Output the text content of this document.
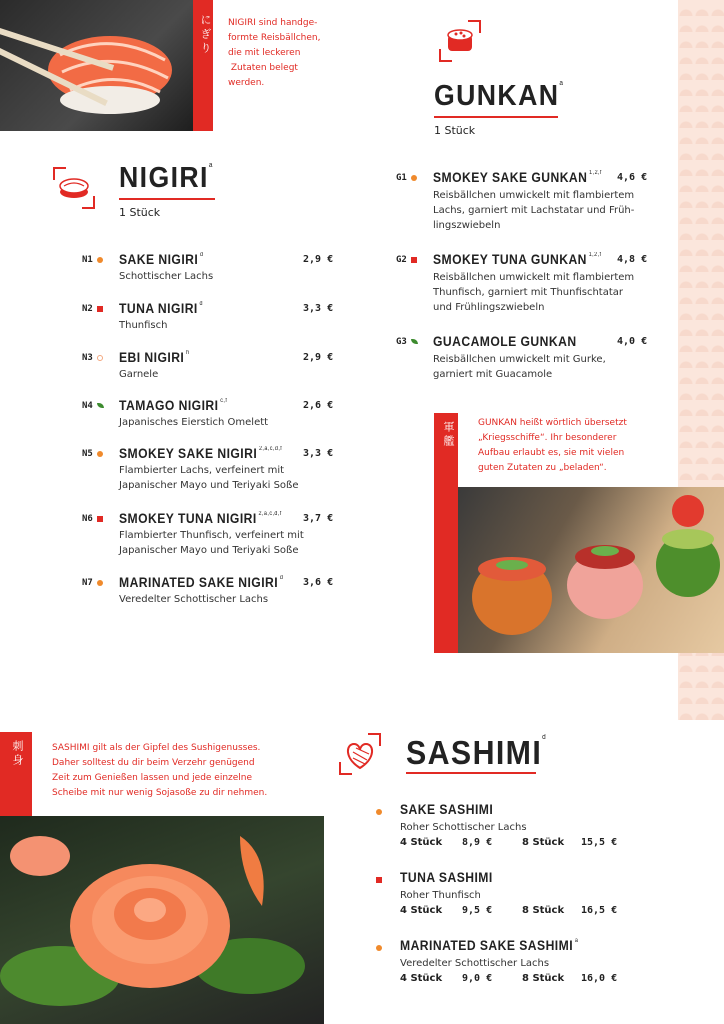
にぎり NIGIRI sind handge-
formte Reisbällchen,
die mit leckeren
Zutaten belegt
werden.
NIGIRI$^a$
1 Stück
GUNKAN$^a$
1 Stück
軍艦	GUNKAN heißt wörtlich übersetzt
„Kriegsschiffe“. Ihr besonderer
Aufbau erlaubt es, sie mit vielen
guten Zutaten zu „beladen“.
刺身	SASHIMI gilt als der Gipfel des Sushigenusses.
Daher solltest du dir beim Verzehr genügend
Zeit zum Genießen lassen und jede einzelne
Scheibe mit nur wenig Sojasoße zu dir nehmen.
SASHIMI$^d$
N1	SAKE NIGIRI $^d$
Schottischer Lachs
2,9 €
N2	TUNA NIGIRI $^d$
Thunfisch
3,3 €
N3	EBI NIGIRI $^h$
Garnele
2,9 €
N4	TAMAGO NIGIRI $^{c,f}$
Japanisches Eierstich Omelett
2,6 €
N5	SMOKEY SAKE NIGIRI $^{2,a,c,d,f}$
Flambierter Lachs, verfeinert mit
Japanischer Mayo und Teriyaki Soße
3,3 €
N6	SMOKEY TUNA NIGIRI $^{2,a,c,d,f}$
Flambierter Thunfisch, verfeinert mit
Japanischer Mayo und Teriyaki Soße
3,7 €
N7	MARINATED SAKE NIGIRI $^d$
Veredelter Schottischer Lachs
3,6 €
G1	SMOKEY SAKE GUNKAN $^{1,2,f}$
Reisbällchen umwickelt mit flambiertem
Lachs, garniert mit Lachstatar und Früh-
lingszwiebeln
4,6 €
G2	SMOKEY TUNA GUNKAN $^{1,2,f}$
Reisbällchen umwickelt mit flambiertem
Thunfisch, garniert mit Thunfischtatar
und Frühlingszwiebeln
4,8 €
G3	GUACAMOLE GUNKAN
Reisbällchen umwickelt mit Gurke,
garniert mit Guacamole
4,0 €
SAKE SASHIMI
Roher Schottischer Lachs
4 Stück 8,9 €	8 Stück 15,5 €
TUNA SASHIMI
Roher Thunfisch
4 Stück 9,5 €	8 Stück 16,5 €
MARINATED SAKE SASHIMI $^a$
Veredelter Schottischer Lachs
4 Stück 9,0 €	8 Stück 16,0 €
